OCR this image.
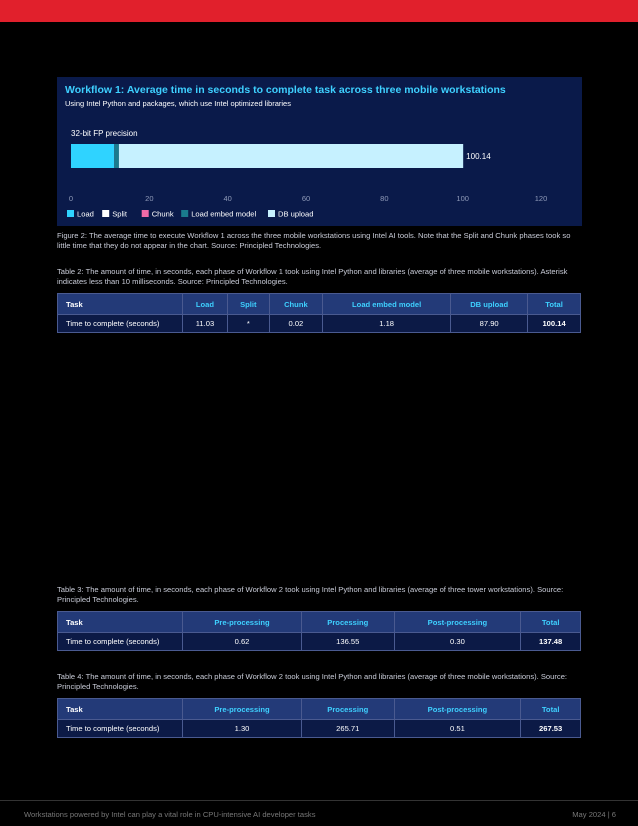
Workflow 1: Average time in seconds to complete task across three mobile workstations
Using Intel Python and packages, which use Intel optimized libraries
32-bit FP precision
100.14
0	20	40	60	80	100	120
Load Split	Chunk Load embed model	DB upload
Figure 2: The average time to execute Workflow 1 across the three mobile workstations using Intel AI tools. Note that the Split and Chunk phases took so little time that they do not appear in the chart. Source: Principled Technologies.
Table 2: The amount of time, in seconds, each phase of Workflow 1 took using Intel Python and libraries (average of three mobile workstations). Asterisk indicates less than 10 milliseconds. Source: Principled Technologies.
Task	Load	Split	Chunk	Load embed model	DB upload	Total
Time to complete (seconds)	11.03	*	0.02	1.18	87.90	100.14
Table 3: The amount of time, in seconds, each phase of Workflow 2 took using Intel Python and libraries (average of three tower workstations). Source: Principled Technologies.
Task	Pre-processing	Processing	Post-processing	Total
Time to complete (seconds)	0.62	136.55	0.30	137.48
Table 4: The amount of time, in seconds, each phase of Workflow 2 took using Intel Python and libraries (average of three mobile workstations). Source: Principled Technologies.
Task	Pre-processing	Processing	Post-processing	Total
Time to complete (seconds)	1.30	265.71	0.51	267.53
Workstations powered by Intel can play a vital role in CPU-intensive AI developer tasks	May 2024 | 6
